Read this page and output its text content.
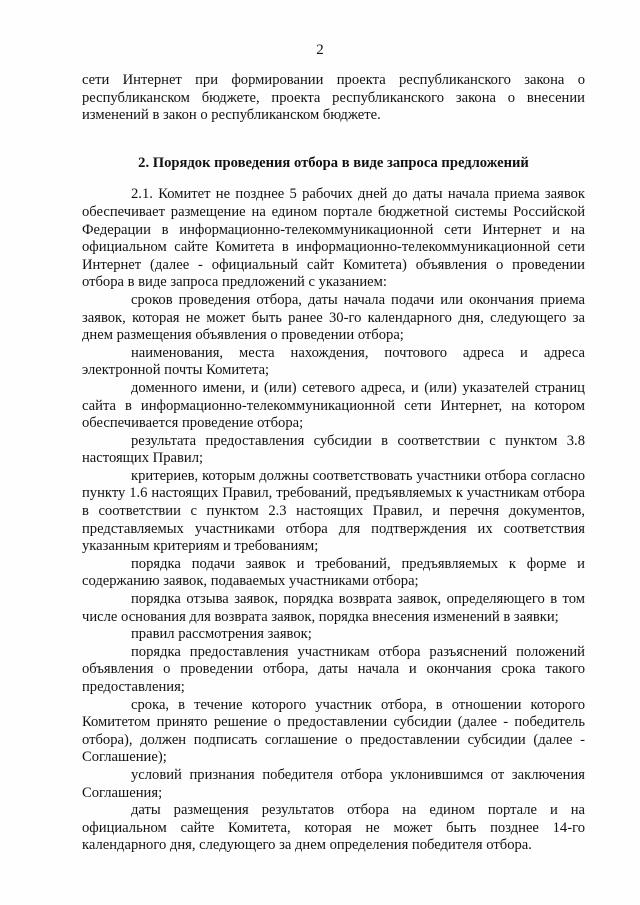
2

сети Интернет при формировании проекта республиканского закона о республиканском бюджете, проекта республиканского закона о внесении изменений в закон о республиканском бюджете.

2. Порядок проведения отбора в виде запроса предложений

2.1. Комитет не позднее 5 рабочих дней до даты начала приема заявок обеспечивает размещение на едином портале бюджетной системы Российской Федерации в информационно-телекоммуникационной сети Интернет и на официальном сайте Комитета в информационно-телекоммуникационной сети Интернет (далее - официальный сайт Комитета) объявления о проведении отбора в виде запроса предложений с указанием:

сроков проведения отбора, даты начала подачи или окончания приема заявок, которая не может быть ранее 30-го календарного дня, следующего за днем размещения объявления о проведении отбора;

наименования, места нахождения, почтового адреса и адреса электронной почты Комитета;

доменного имени, и (или) сетевого адреса, и (или) указателей страниц сайта в информационно-телекоммуникационной сети Интернет, на котором обеспечивается проведение отбора;

результата предоставления субсидии в соответствии с пунктом 3.8 настоящих Правил;

критериев, которым должны соответствовать участники отбора согласно пункту 1.6 настоящих Правил, требований, предъявляемых к участникам отбора в соответствии с пунктом 2.3 настоящих Правил, и перечня документов, представляемых участниками отбора для подтверждения их соответствия указанным критериям и требованиям;

порядка подачи заявок и требований, предъявляемых к форме и содержанию заявок, подаваемых участниками отбора;

порядка отзыва заявок, порядка возврата заявок, определяющего в том числе основания для возврата заявок, порядка внесения изменений в заявки;

правил рассмотрения заявок;

порядка предоставления участникам отбора разъяснений положений объявления о проведении отбора, даты начала и окончания срока такого предоставления;

срока, в течение которого участник отбора, в отношении которого Комитетом принято решение о предоставлении субсидии (далее - победитель отбора), должен подписать соглашение о предоставлении субсидии (далее - Соглашение);

условий признания победителя отбора уклонившимся от заключения Соглашения;

даты размещения результатов отбора на едином портале и на официальном сайте Комитета, которая не может быть позднее 14-го календарного дня, следующего за днем определения победителя отбора.
